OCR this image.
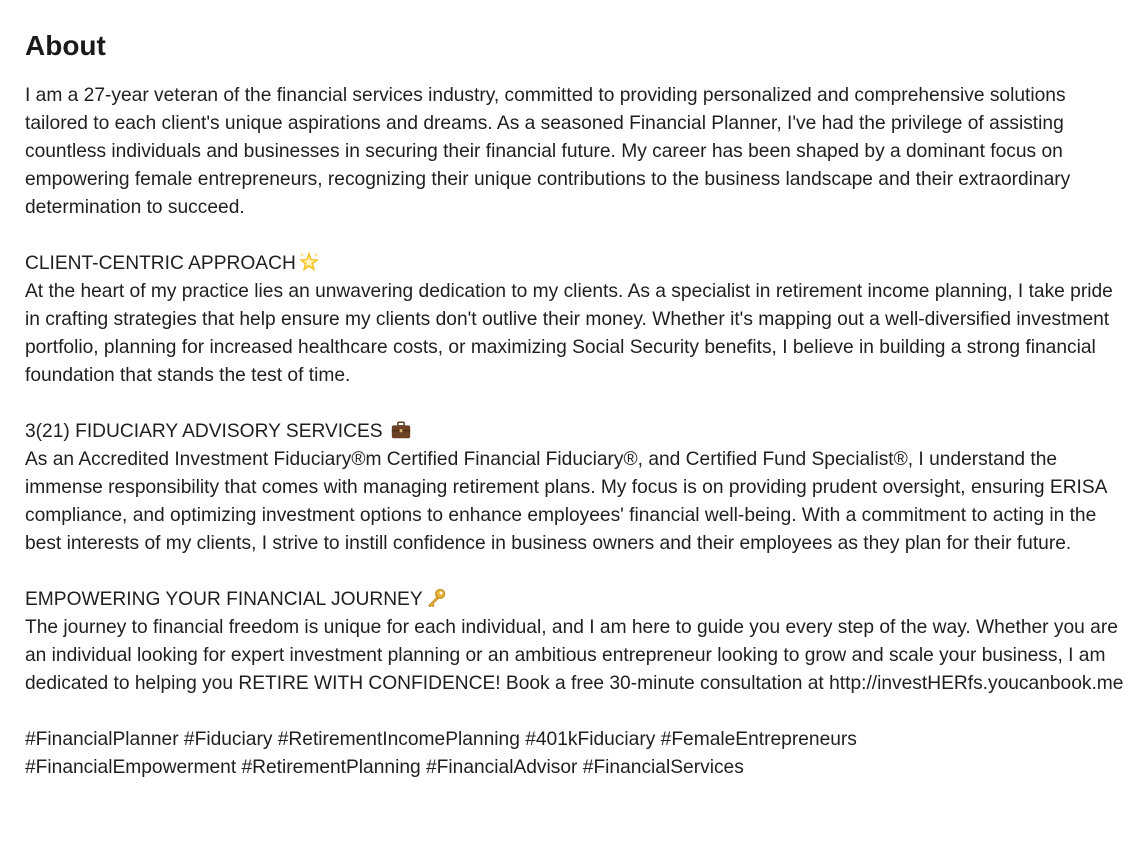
About

I am a 27-year veteran of the financial services industry, committed to providing personalized and comprehensive solutions tailored to each client's unique aspirations and dreams. As a seasoned Financial Planner, I've had the privilege of assisting countless individuals and businesses in securing their financial future. My career has been shaped by a dominant focus on empowering female entrepreneurs, recognizing their unique contributions to the business landscape and their extraordinary determination to succeed.

CLIENT-CENTRIC APPROACH
At the heart of my practice lies an unwavering dedication to my clients. As a specialist in retirement income planning, I take pride in crafting strategies that help ensure my clients don't outlive their money. Whether it's mapping out a well-diversified investment portfolio, planning for increased healthcare costs, or maximizing Social Security benefits, I believe in building a strong financial foundation that stands the test of time.

3(21) FIDUCIARY ADVISORY SERVICES
As an Accredited Investment Fiduciary®m Certified Financial Fiduciary®, and Certified Fund Specialist®, I understand the immense responsibility that comes with managing retirement plans. My focus is on providing prudent oversight, ensuring ERISA compliance, and optimizing investment options to enhance employees' financial well-being. With a commitment to acting in the best interests of my clients, I strive to instill confidence in business owners and their employees as they plan for their future.

EMPOWERING YOUR FINANCIAL JOURNEY
The journey to financial freedom is unique for each individual, and I am here to guide you every step of the way. Whether you are an individual looking for expert investment planning or an ambitious entrepreneur looking to grow and scale your business, I am dedicated to helping you RETIRE WITH CONFIDENCE! Book a free 30-minute consultation at http://investHERfs.youcanbook.me

#FinancialPlanner #Fiduciary #RetirementIncomePlanning #401kFiduciary #FemaleEntrepreneurs
#FinancialEmpowerment #RetirementPlanning #FinancialAdvisor #FinancialServices
